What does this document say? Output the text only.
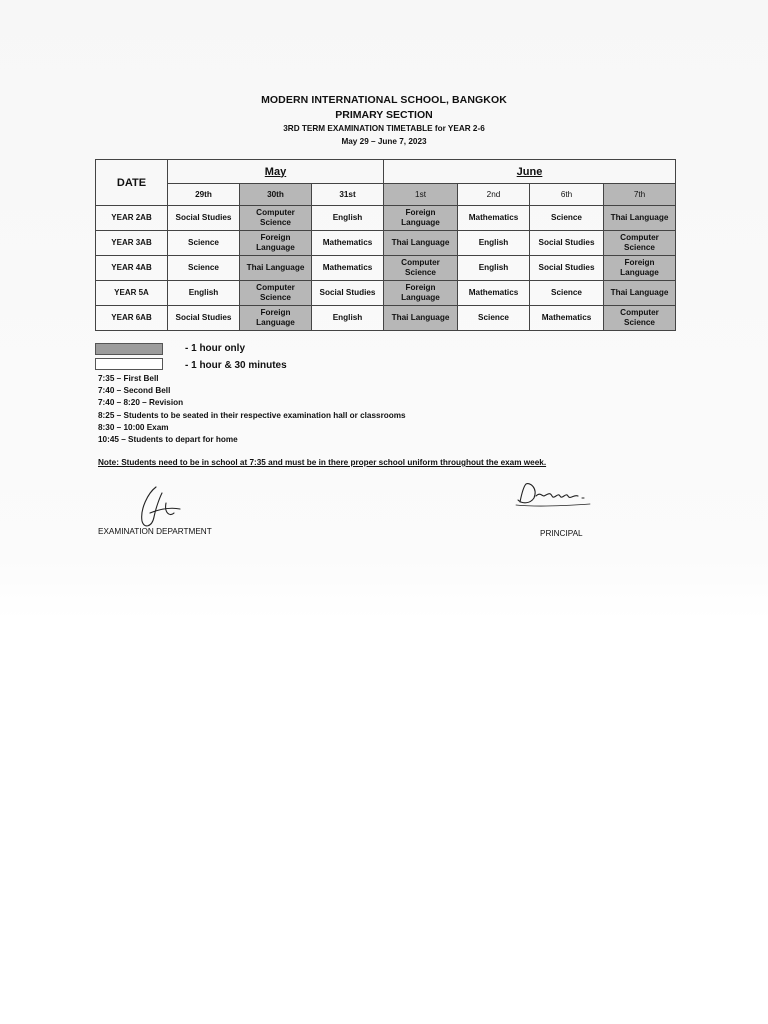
MODERN INTERNATIONAL SCHOOL, BANGKOK
PRIMARY SECTION
3RD TERM EXAMINATION TIMETABLE for YEAR 2-6
May 29 – June 7, 2023
DATE	May			June			
	29th	30th	31st	1st	2nd	6th	7th
YEAR 2AB	Social Studies	Computer Science	English	Foreign Language	Mathematics	Science	Thai Language
YEAR 3AB	Science	Foreign Language	Mathematics	Thai Language	English	Social Studies	Computer Science
YEAR 4AB	Science	Thai Language	Mathematics	Computer Science	English	Social Studies	Foreign Language
YEAR 5A	English	Computer Science	Social Studies	Foreign Language	Mathematics	Science	Thai Language
YEAR 6AB	Social Studies	Foreign Language	English	Thai Language	Science	Mathematics	Computer Science
- 1 hour only
- 1 hour & 30 minutes
7:35 – First Bell
7:40 – Second Bell
7:40 – 8:20 – Revision
8:25 – Students to be seated in their respective examination hall or classrooms
8:30 – 10:00 Exam
10:45 – Students to depart for home
Note: Students need to be in school at 7:35 and must be in there proper school uniform throughout the exam week.
EXAMINATION DEPARTMENT	PRINCIPAL
